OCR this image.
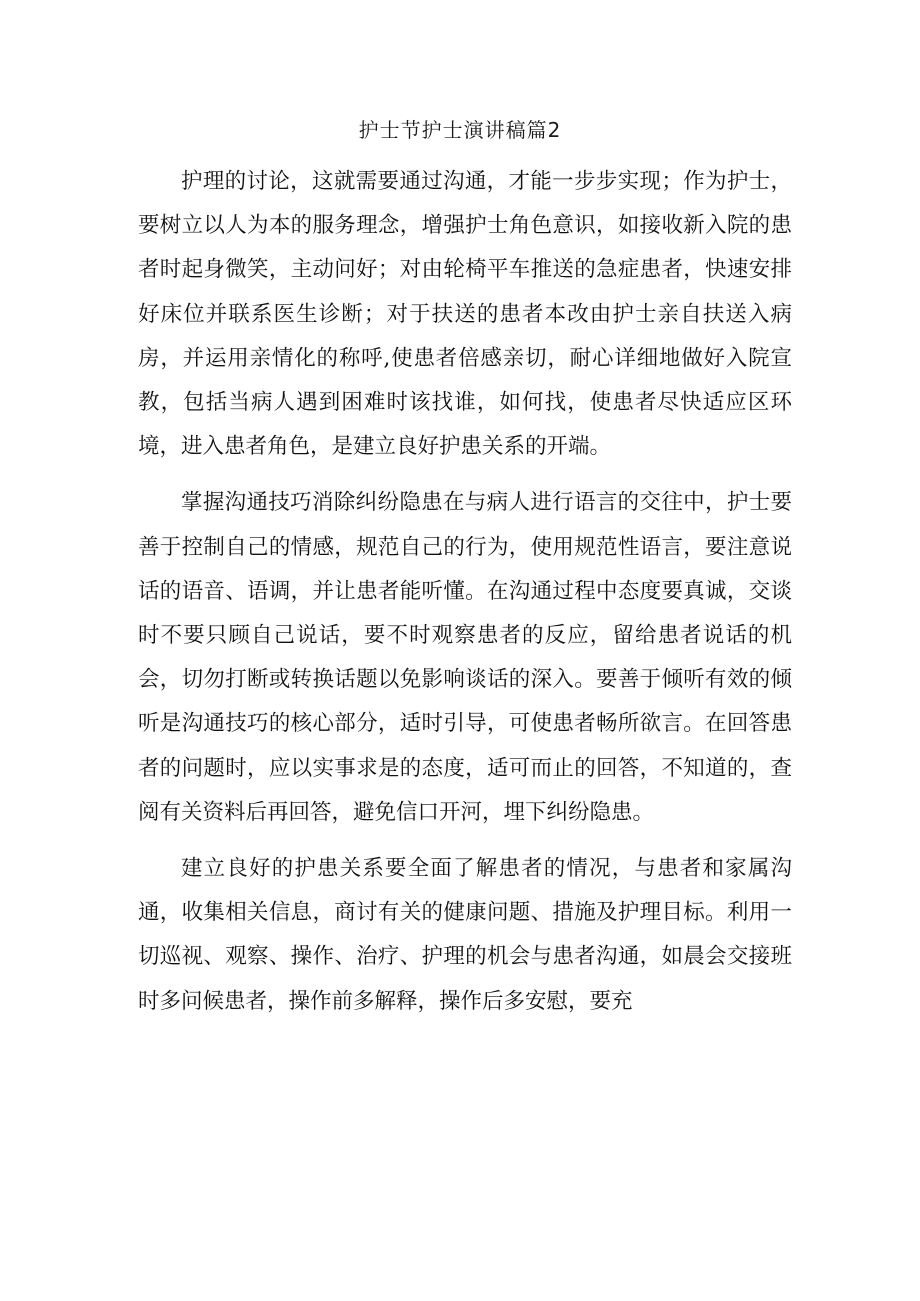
护士节护士演讲稿篇2

护理的讨论，这就需要通过沟通，才能一步步实现；作为护士，要树立以人为本的服务理念，增强护士角色意识，如接收新入院的患者时起身微笑，主动问好；对由轮椅平车推送的急症患者，快速安排好床位并联系医生诊断；对于扶送的患者本改由护士亲自扶送入病房，并运用亲情化的称呼,使患者倍感亲切，耐心详细地做好入院宣教，包括当病人遇到困难时该找谁，如何找，使患者尽快适应区环境，进入患者角色，是建立良好护患关系的开端。

掌握沟通技巧消除纠纷隐患在与病人进行语言的交往中，护士要善于控制自己的情感，规范自己的行为，使用规范性语言，要注意说话的语音、语调，并让患者能听懂。在沟通过程中态度要真诚，交谈时不要只顾自己说话，要不时观察患者的反应，留给患者说话的机会，切勿打断或转换话题以免影响谈话的深入。要善于倾听有效的倾听是沟通技巧的核心部分，适时引导，可使患者畅所欲言。在回答患者的问题时，应以实事求是的态度，适可而止的回答，不知道的，查阅有关资料后再回答，避免信口开河，埋下纠纷隐患。

建立良好的护患关系要全面了解患者的情况，与患者和家属沟通，收集相关信息，商讨有关的健康问题、措施及护理目标。利用一切巡视、观察、操作、治疗、护理的机会与患者沟通，如晨会交接班时多问候患者，操作前多解释，操作后多安慰，要充
